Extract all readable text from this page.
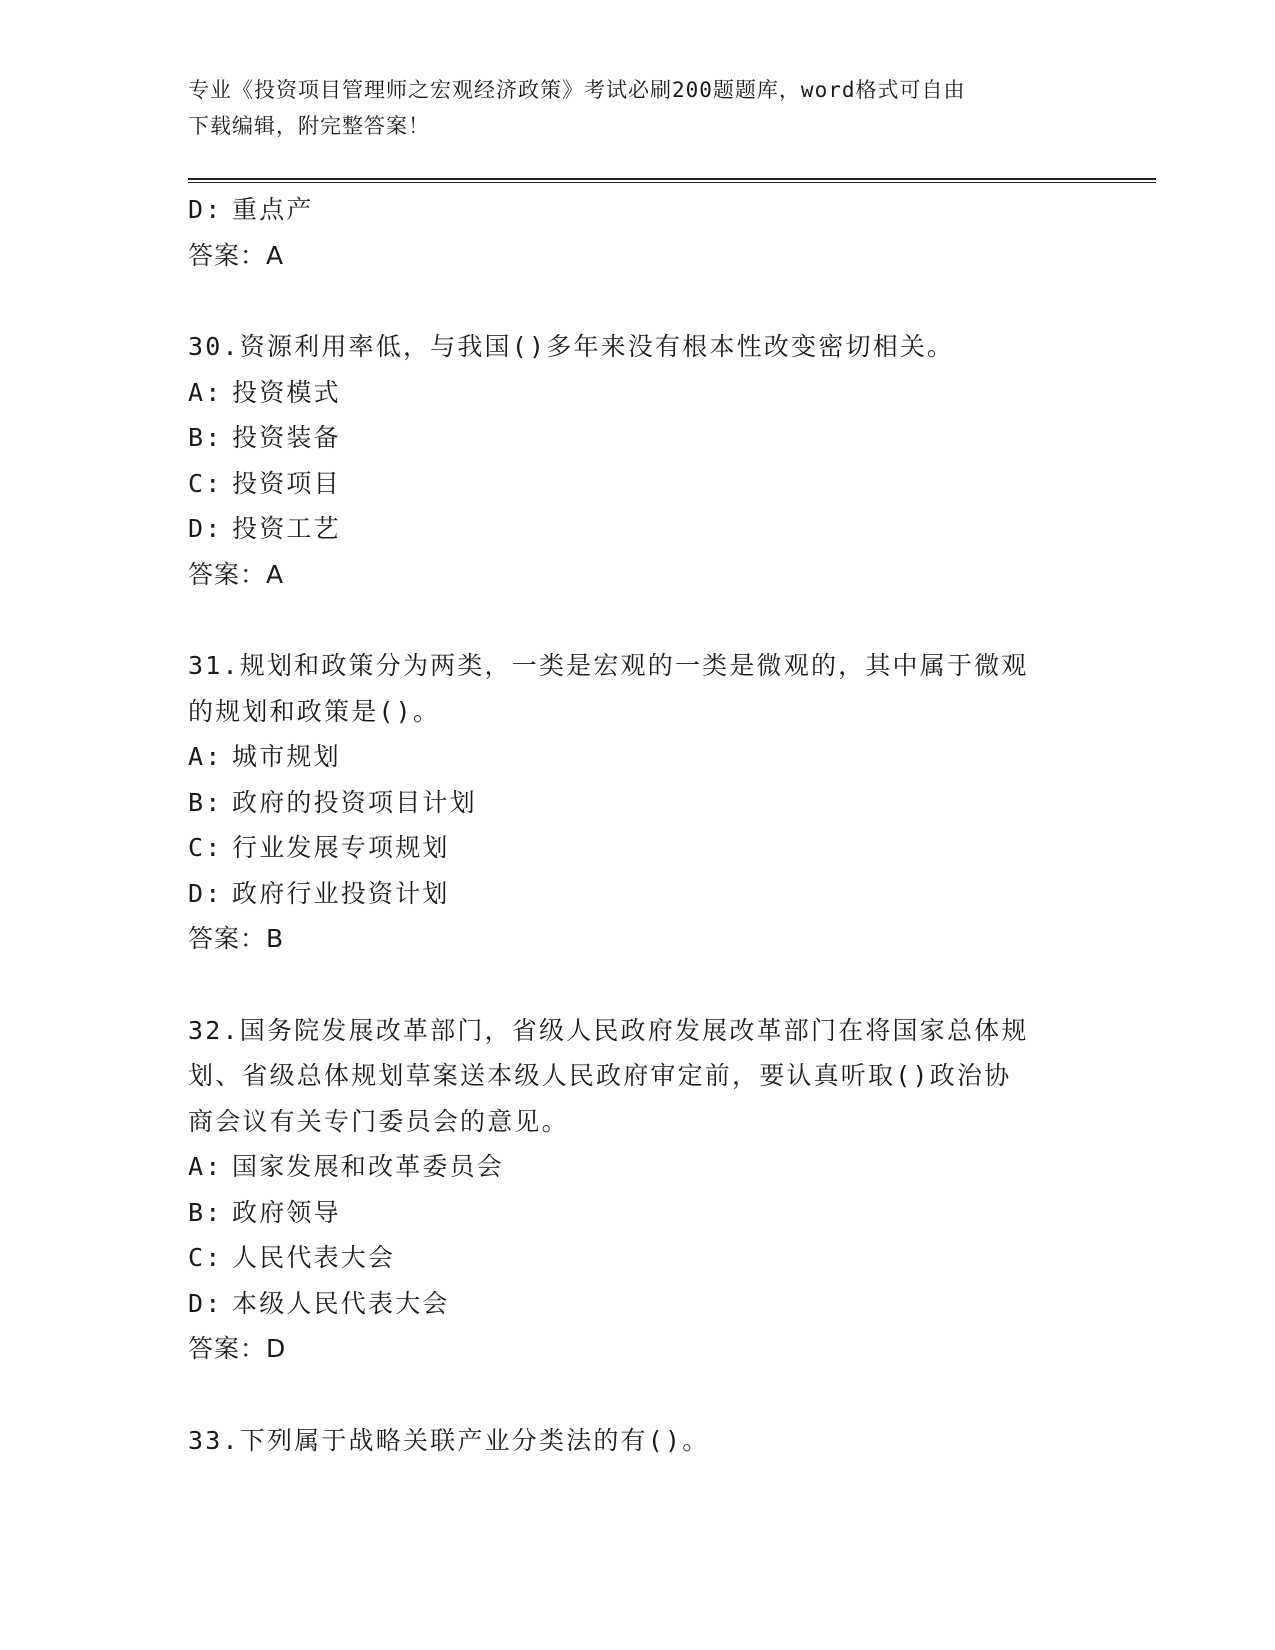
专业《投资项目管理师之宏观经济政策》考试必刷200题题库，word格式可自由
下载编辑，附完整答案！
D: 重点产
答案：A
30.资源利用率低，与我国()多年来没有根本性改变密切相关。
A: 投资模式
B: 投资装备
C: 投资项目
D: 投资工艺
答案：A
31.规划和政策分为两类，一类是宏观的一类是微观的，其中属于微观
的规划和政策是()。
A: 城市规划
B: 政府的投资项目计划
C: 行业发展专项规划
D: 政府行业投资计划
答案：B
32.国务院发展改革部门，省级人民政府发展改革部门在将国家总体规
划、省级总体规划草案送本级人民政府审定前，要认真听取()政治协
商会议有关专门委员会的意见。
A: 国家发展和改革委员会
B: 政府领导
C: 人民代表大会
D: 本级人民代表大会
答案：D
33.下列属于战略关联产业分类法的有()。
